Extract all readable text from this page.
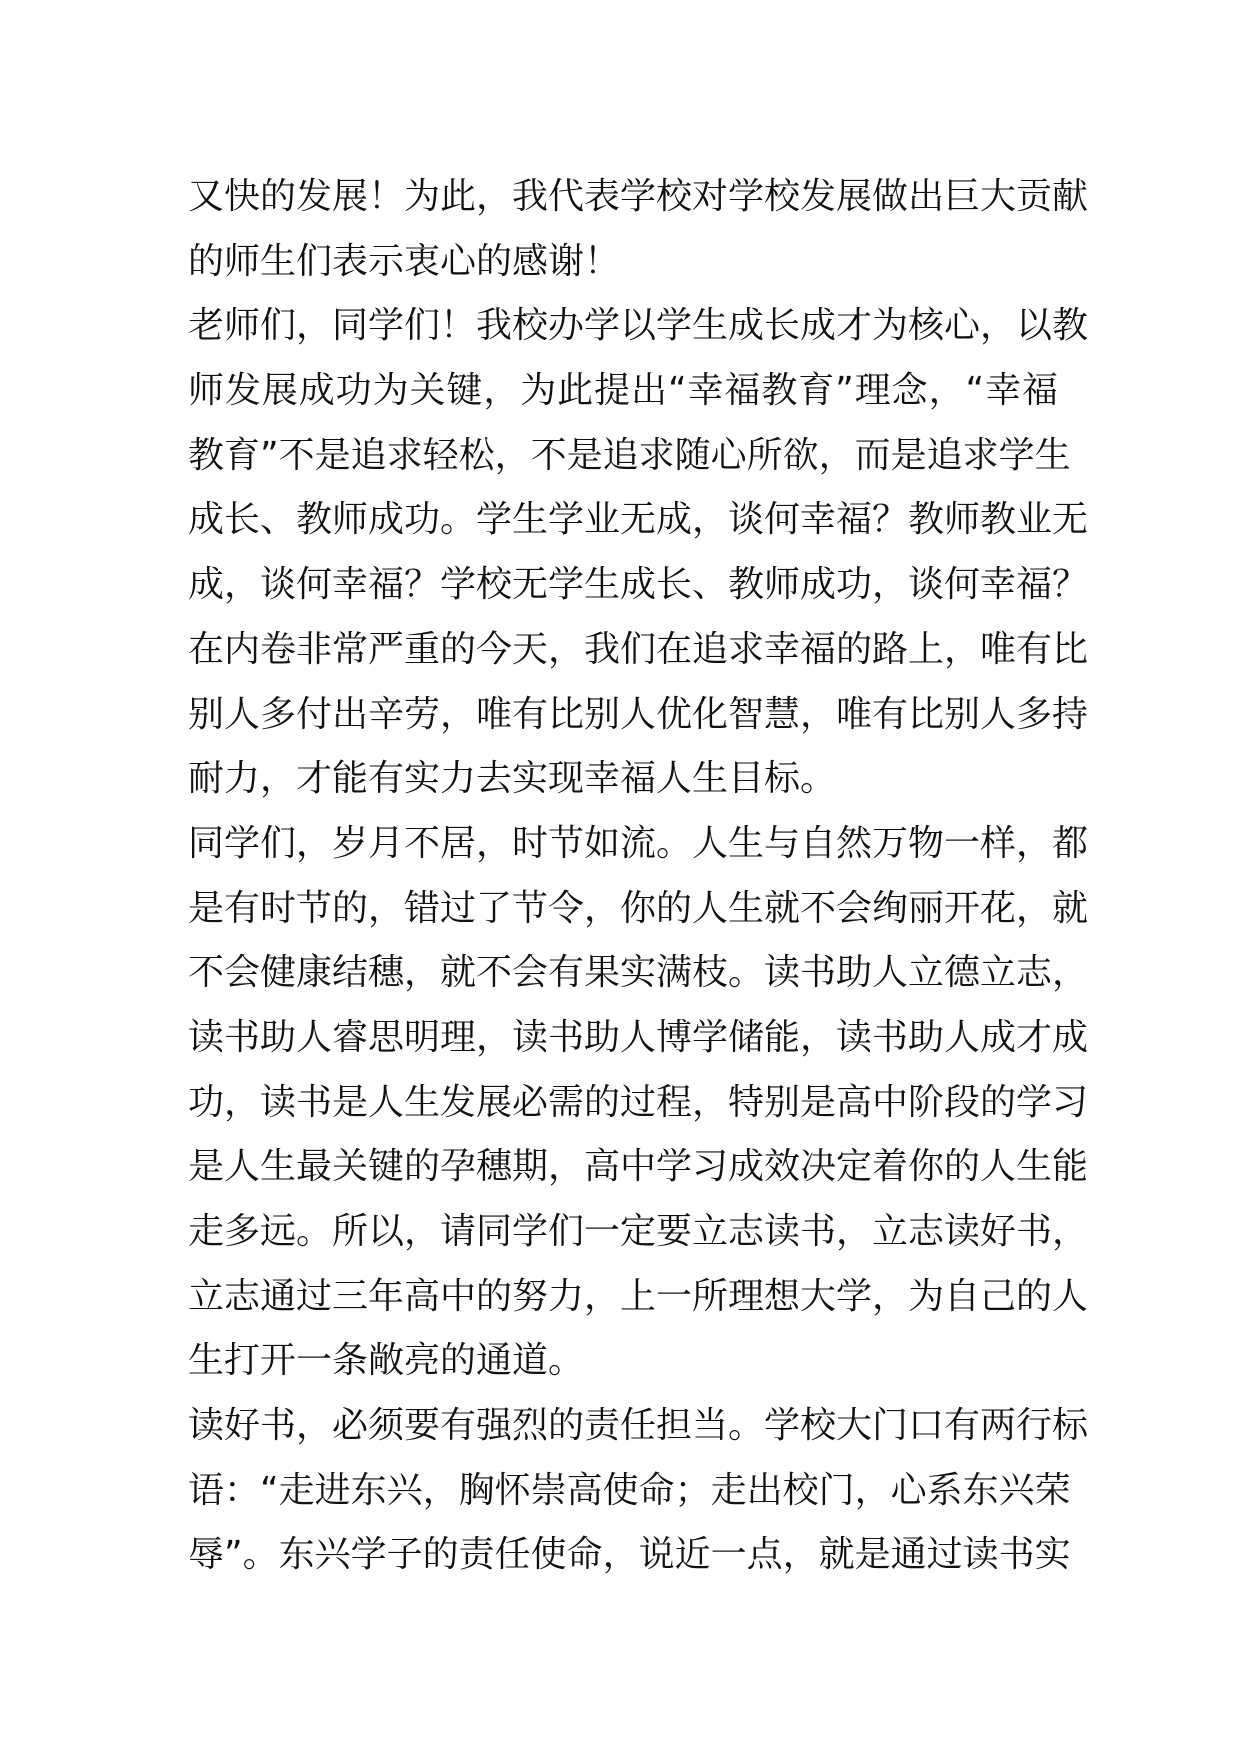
又快的发展！为此，我代表学校对学校发展做出巨大贡献
的师生们表示衷心的感谢！
老师们，同学们！我校办学以学生成长成才为核心，以教
师发展成功为关键，为此提出“幸福教育”理念，“幸福
教育”不是追求轻松，不是追求随心所欲，而是追求学生
成长、教师成功。学生学业无成，谈何幸福？教师教业无
成，谈何幸福？学校无学生成长、教师成功，谈何幸福？
在内卷非常严重的今天，我们在追求幸福的路上，唯有比
别人多付出辛劳，唯有比别人优化智慧，唯有比别人多持
耐力，才能有实力去实现幸福人生目标。
同学们，岁月不居，时节如流。人生与自然万物一样，都
是有时节的，错过了节令，你的人生就不会绚丽开花，就
不会健康结穗，就不会有果实满枝。读书助人立德立志，
读书助人睿思明理，读书助人博学储能，读书助人成才成
功，读书是人生发展必需的过程，特别是高中阶段的学习
是人生最关键的孕穗期，高中学习成效决定着你的人生能
走多远。所以，请同学们一定要立志读书，立志读好书，
立志通过三年高中的努力，上一所理想大学，为自己的人
生打开一条敞亮的通道。
读好书，必须要有强烈的责任担当。学校大门口有两行标
语：“走进东兴，胸怀崇高使命；走出校门，心系东兴荣
辱”。东兴学子的责任使命，说近一点，就是通过读书实
